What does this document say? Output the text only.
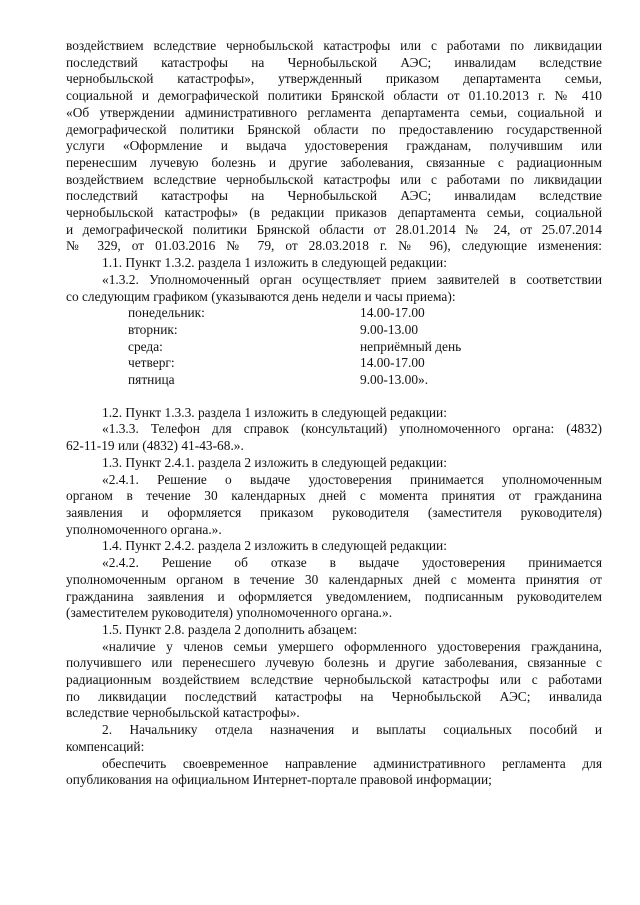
воздействием вследствие чернобыльской катастрофы или с работами по ликвидации

последствий катастрофы на Чернобыльской АЭС; инвалидам вследствие

чернобыльской катастрофы», утвержденный приказом департамента семьи,

социальной и демографической политики Брянской области от 01.10.2013 г. № 410

«Об утверждении административного регламента департамента семьи, социальной и

демографической политики Брянской области по предоставлению государственной

услуги «Оформление и выдача удостоверения гражданам, получившим или

перенесшим лучевую болезнь и другие заболевания, связанные с радиационным

воздействием вследствие чернобыльской катастрофы или с работами по ликвидации

последствий катастрофы на Чернобыльской АЭС; инвалидам вследствие

чернобыльской катастрофы» (в редакции приказов департамента семьи, социальной

и демографической политики Брянской области от 28.01.2014 № 24, от 25.07.2014

№ 329, от 01.03.2016 № 79, от 28.03.2018 г. № 96), следующие изменения:

1.1. Пункт 1.3.2. раздела 1 изложить в следующей редакции:

«1.3.2. Уполномоченный орган осуществляет прием заявителей в соответствии

со следующим графиком (указываются день недели и часы приема):

понедельник:	14.00-17.00
вторник:	9.00-13.00
среда:	неприёмный день
четверг:	14.00-17.00
пятница	9.00-13.00».

1.2. Пункт 1.3.3. раздела 1 изложить в следующей редакции:

«1.3.3. Телефон для справок (консультаций) уполномоченного органа: (4832)

62-11-19 или (4832) 41-43-68.».

1.3. Пункт 2.4.1. раздела 2 изложить в следующей редакции:

«2.4.1. Решение о выдаче удостоверения принимается уполномоченным

органом в течение 30 календарных дней с момента принятия от гражданина

заявления и оформляется приказом руководителя (заместителя руководителя)

уполномоченного органа.».

1.4. Пункт 2.4.2. раздела 2 изложить в следующей редакции:

«2.4.2. Решение об отказе в выдаче удостоверения принимается

уполномоченным органом в течение 30 календарных дней с момента принятия от

гражданина заявления и оформляется уведомлением, подписанным руководителем

(заместителем руководителя) уполномоченного органа.».

1.5. Пункт 2.8. раздела 2 дополнить абзацем:

«наличие у членов семьи умершего оформленного удостоверения гражданина,

получившего или перенесшего лучевую болезнь и другие заболевания, связанные с

радиационным воздействием вследствие чернобыльской катастрофы или с работами

по ликвидации последствий катастрофы на Чернобыльской АЭС; инвалида

вследствие чернобыльской катастрофы».

2. Начальнику отдела назначения и выплаты социальных пособий и

компенсаций:

обеспечить своевременное направление административного регламента для

опубликования на официальном Интернет-портале правовой информации;
